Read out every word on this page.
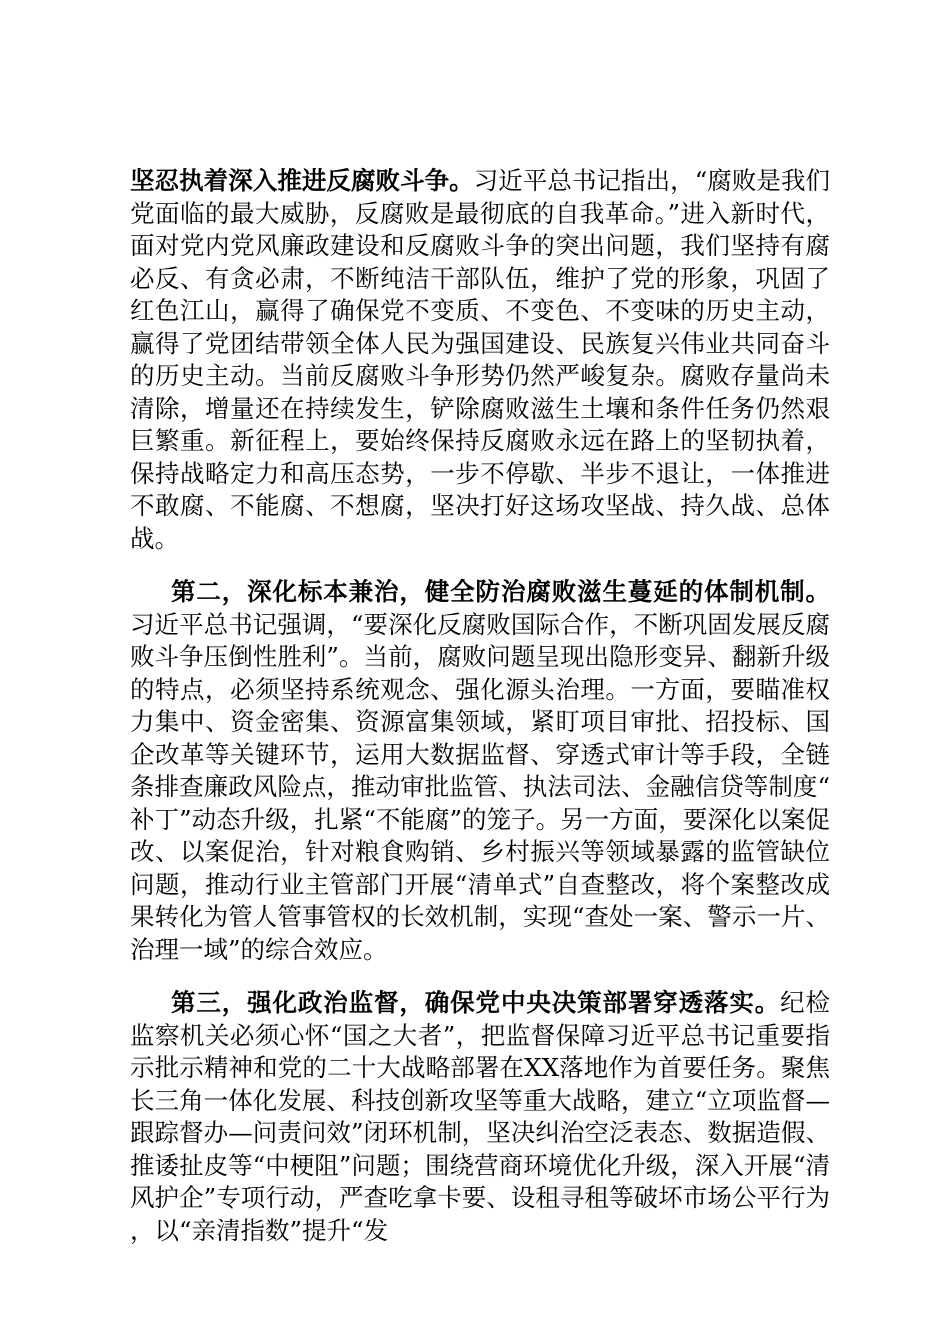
坚忍执着深入推进反腐败斗争。习近平总书记指出，“腐败是我们党面临的最大威胁，反腐败是最彻底的自我革命。”进入新时代，面对党内党风廉政建设和反腐败斗争的突出问题，我们坚持有腐必反、有贪必肃，不断纯洁干部队伍，维护了党的形象，巩固了红色江山，赢得了确保党不变质、不变色、不变味的历史主动，赢得了党团结带领全体人民为强国建设、民族复兴伟业共同奋斗的历史主动。当前反腐败斗争形势仍然严峻复杂。腐败存量尚未清除，增量还在持续发生，铲除腐败滋生土壤和条件任务仍然艰巨繁重。新征程上，要始终保持反腐败永远在路上的坚韧执着，保持战略定力和高压态势，一步不停歇、半步不退让，一体推进不敢腐、不能腐、不想腐，坚决打好这场攻坚战、持久战、总体战。

第二，深化标本兼治，健全防治腐败滋生蔓延的体制机制。习近平总书记强调，“要深化反腐败国际合作，不断巩固发展反腐败斗争压倒性胜利”。当前，腐败问题呈现出隐形变异、翻新升级的特点，必须坚持系统观念、强化源头治理。一方面，要瞄准权力集中、资金密集、资源富集领域，紧盯项目审批、招投标、国企改革等关键环节，运用大数据监督、穿透式审计等手段，全链条排查廉政风险点，推动审批监管、执法司法、金融信贷等制度“补丁”动态升级，扎紧“不能腐”的笼子。另一方面，要深化以案促改、以案促治，针对粮食购销、乡村振兴等领域暴露的监管缺位问题，推动行业主管部门开展“清单式”自查整改，将个案整改成果转化为管人管事管权的长效机制，实现“查处一案、警示一片、治理一域”的综合效应。

第三，强化政治监督，确保党中央决策部署穿透落实。纪检监察机关必须心怀“国之大者”，把监督保障习近平总书记重要指示批示精神和党的二十大战略部署在XX落地作为首要任务。聚焦长三角一体化发展、科技创新攻坚等重大战略，建立“立项监督—跟踪督办—问责问效”闭环机制，坚决纠治空泛表态、数据造假、推诿扯皮等“中梗阻”问题；围绕营商环境优化升级，深入开展“清风护企”专项行动，严查吃拿卡要、设租寻租等破坏市场公平行为，以“亲清指数”提升“发
